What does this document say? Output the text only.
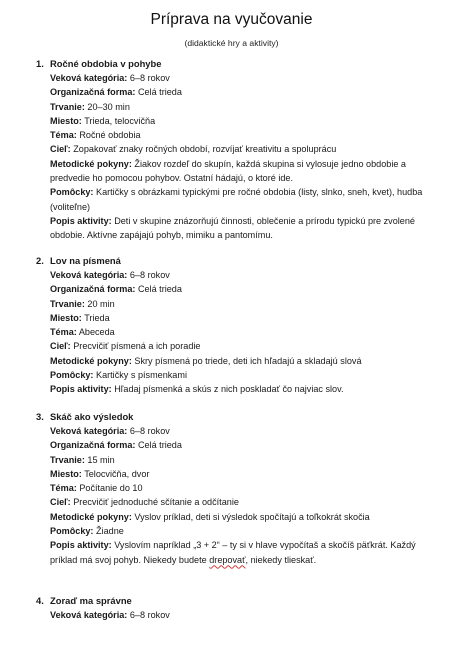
Príprava na vyučovanie
(didaktické hry a aktivity)
1. Ročné obdobia v pohybe
Veková kategória: 6–8 rokov
Organizačná forma: Celá trieda
Trvanie: 20–30 min
Miesto: Trieda, telocvičňa
Téma: Ročné obdobia
Cieľ: Zopakovať znaky ročných období, rozvíjať kreativitu a spoluprácu
Metodické pokyny: Žiakov rozdeľ do skupín, každá skupina si vylosuje jedno obdobie a
predvedie ho pomocou pohybov. Ostatní hádajú, o ktoré ide.
Pomôcky: Kartičky s obrázkami typickými pre ročné obdobia (listy, slnko, sneh, kvet), hudba
(voliteľne)
Popis aktivity: Deti v skupine znázorňujú činnosti, oblečenie a prírodu typickú pre zvolené
obdobie. Aktívne zapájajú pohyb, mimiku a pantomímu.
2. Lov na písmená
Veková kategória: 6–8 rokov
Organizačná forma: Celá trieda
Trvanie: 20 min
Miesto: Trieda
Téma: Abeceda
Cieľ: Precvičiť písmená a ich poradie
Metodické pokyny: Skry písmená po triede, deti ich hľadajú a skladajú slová
Pomôcky: Kartičky s písmenkami
Popis aktivity: Hľadaj písmenká a skús z nich poskladať čo najviac slov.
3. Skáč ako výsledok
Veková kategória: 6–8 rokov
Organizačná forma: Celá trieda
Trvanie: 15 min
Miesto: Telocvičňa, dvor
Téma: Počítanie do 10
Cieľ: Precvičiť jednoduché sčítanie a odčítanie
Metodické pokyny: Vyslov príklad, deti si výsledok spočítajú a toľkokrát skočia
Pomôcky: Žiadne
Popis aktivity: Vyslovím napríklad „3 + 2“ – ty si v hlave vypočítaš a skočíš päťkrát. Každý
príklad má svoj pohyb. Niekedy budete drepovať, niekedy tlieskať.
4. Zoraď ma správne
Veková kategória: 6–8 rokov
